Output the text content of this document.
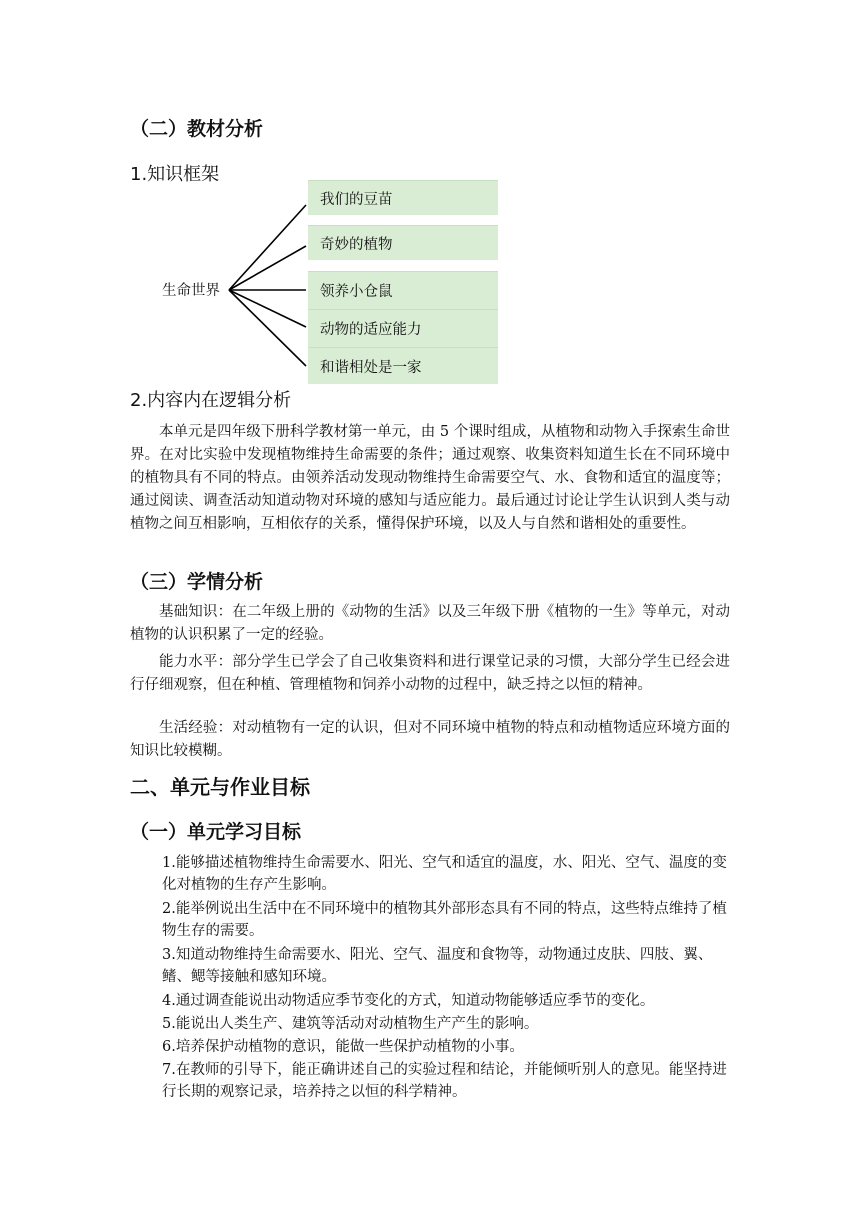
（二）教材分析
1.知识框架
生命世界
我们的豆苗
奇妙的植物
领养小仓鼠
动物的适应能力
和谐相处是一家
2.内容内在逻辑分析
本单元是四年级下册科学教材第一单元，由 5 个课时组成，从植物和动物入手探索生命世界。在对比实验中发现植物维持生命需要的条件；通过观察、收集资料知道生长在不同环境中的植物具有不同的特点。由领养活动发现动物维持生命需要空气、水、食物和适宜的温度等；通过阅读、调查活动知道动物对环境的感知与适应能力。最后通过讨论让学生认识到人类与动植物之间互相影响，互相依存的关系，懂得保护环境，以及人与自然和谐相处的重要性。
（三）学情分析
基础知识：在二年级上册的《动物的生活》以及三年级下册《植物的一生》等单元，对动植物的认识积累了一定的经验。
能力水平：部分学生已学会了自己收集资料和进行课堂记录的习惯，大部分学生已经会进行仔细观察，但在种植、管理植物和饲养小动物的过程中，缺乏持之以恒的精神。
生活经验：对动植物有一定的认识，但对不同环境中植物的特点和动植物适应环境方面的知识比较模糊。
二、单元与作业目标
（一）单元学习目标
1.能够描述植物维持生命需要水、阳光、空气和适宜的温度，水、阳光、空气、温度的变化对植物的生存产生影响。
2.能举例说出生活中在不同环境中的植物其外部形态具有不同的特点，这些特点维持了植物生存的需要。
3.知道动物维持生命需要水、阳光、空气、温度和食物等，动物通过皮肤、四肢、翼、鳍、鳃等接触和感知环境。
4.通过调查能说出动物适应季节变化的方式，知道动物能够适应季节的变化。
5.能说出人类生产、建筑等活动对动植物生产产生的影响。
6.培养保护动植物的意识，能做一些保护动植物的小事。
7.在教师的引导下，能正确讲述自己的实验过程和结论，并能倾听别人的意见。能坚持进行长期的观察记录，培养持之以恒的科学精神。
